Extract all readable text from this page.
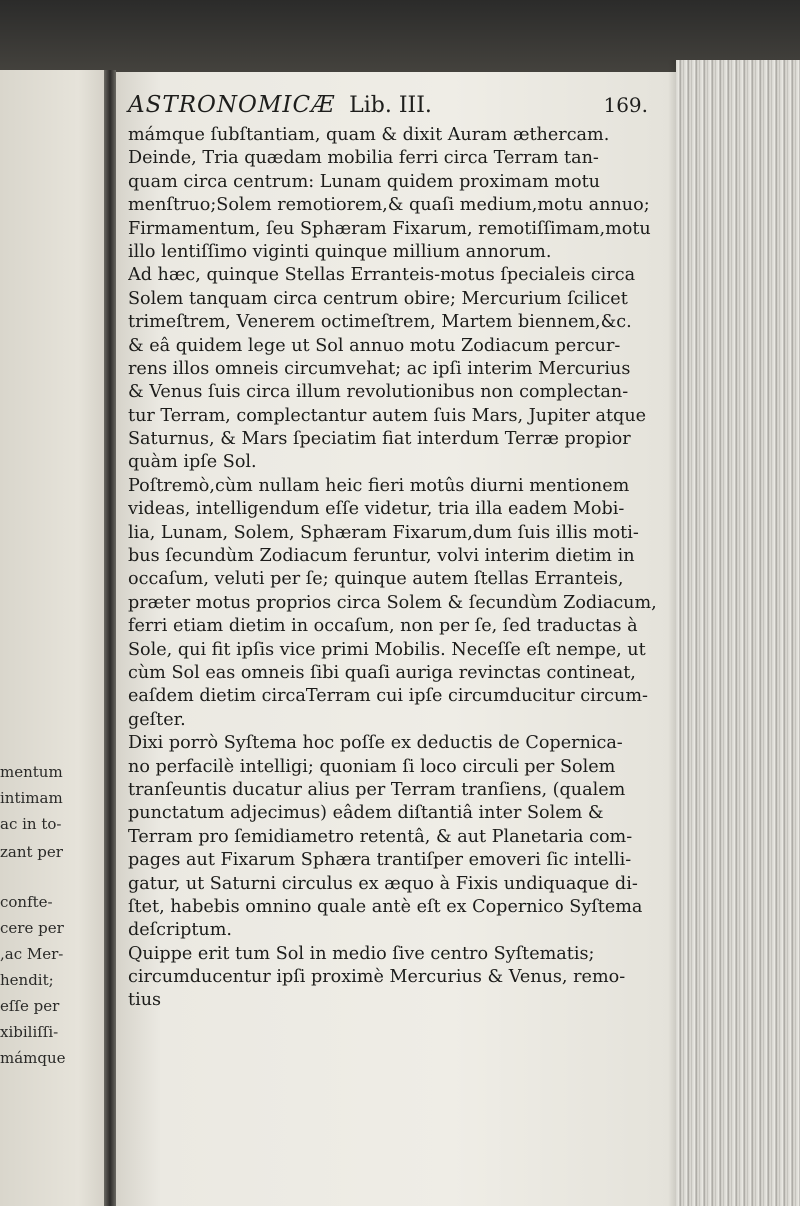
mentum
intimam
ac in to-
zant per
confte-
cere per
,ac Mer-
hendit;
eſſe per
xibiliſſi-
mámque
ASTRONOMICÆ Lib. III.	169.
mámque ſubſtantiam, quam & dixit Auram æthercam.
Deinde, Tria quædam mobilia ferri circa Terram tan-
quam circa centrum: Lunam quidem proximam motu
menſtruo;Solem remotiorem,& quaſi medium,motu annuo;
Firmamentum, ſeu Sphæram Fixarum, remotiſſimam,motu
illo lentiſſimo viginti quinque millium annorum.
Ad hæc, quinque Stellas Erranteis-motus ſpecialeis circa
Solem tanquam circa centrum obire; Mercurium ſcilicet
trimeſtrem, Venerem octimeſtrem, Martem biennem,&c.
& eâ quidem lege ut Sol annuo motu Zodiacum percur-
rens illos omneis circumvehat; ac ipſi interim Mercurius
& Venus ſuis circa illum revolutionibus non complectan-
tur Terram, complectantur autem ſuis Mars, Jupiter atque
Saturnus, & Mars ſpeciatim fiat interdum Terræ propior
quàm ipſe Sol.
Poſtremò,cùm nullam heic fieri motûs diurni mentionem
videas, intelligendum eſſe videtur, tria illa eadem Mobi-
lia, Lunam, Solem, Sphæram Fixarum,dum ſuis illis moti-
bus ſecundùm Zodiacum feruntur, volvi interim dietim in
occaſum, veluti per ſe; quinque autem ſtellas Erranteis,
præter motus proprios circa Solem & ſecundùm Zodiacum,
ferri etiam dietim in occaſum, non per ſe, ſed traductas à
Sole, qui fit ipſis vice primi Mobilis. Neceſſe eſt nempe, ut
cùm Sol eas omneis ſibi quaſi auriga revinctas contineat,
eaſdem dietim circaTerram cui ipſe circumducitur circum-
geſter.
Dixi porrò Syſtema hoc poſſe ex deductis de Copernica-
no perfacilè intelligi; quoniam ſi loco circuli per Solem
tranſeuntis ducatur alius per Terram tranſiens, (qualem
punctatum adjecimus) eâdem diſtantiâ inter Solem &
Terram pro ſemidiametro retentâ, & aut Planetaria com-
pages aut Fixarum Sphæra trantiſper emoveri ſic intelli-
gatur, ut Saturni circulus ex æquo à Fixis undiquaque di-
ſtet, habebis omnino quale antè eſt ex Copernico Syſtema
deſcriptum.
Quippe erit tum Sol in medio ſive centro Syſtematis;
circumducentur ipſi proximè Mercurius & Venus, remo-
tius
